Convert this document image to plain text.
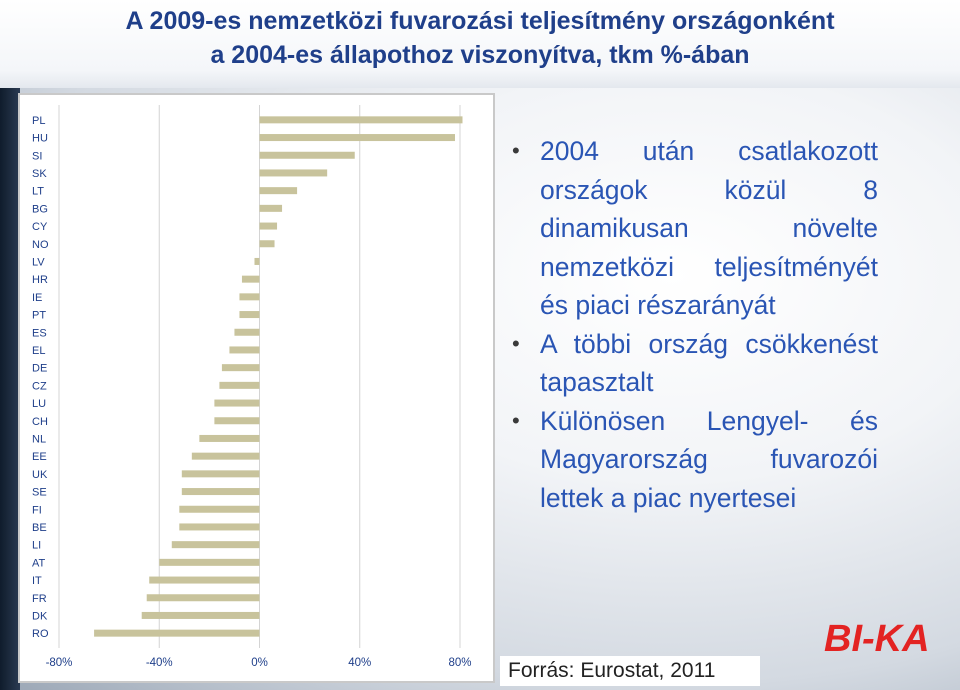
A 2009-es nemzetközi fuvarozási teljesítmény országonként
a 2004-es állapothoz viszonyítva, tkm %-ában
-80%	-40%	0%	40%	80%
PL
HU
SI
SK
LT
BG
CY
NO
LV
HR
IE
PT
ES
EL
DE
CZ
LU
CH
NL
EE
UK
SE
FI
BE
LI
AT
IT
FR
DK
RO
• 2004 után csatlakozott országok közül 8 dinamikusan növelte nemzetközi teljesítményét és piaci részarányát
• A többi ország csökkenést tapasztalt
• Különösen Lengyel- és Magyarország fuvarozói lettek a piac nyertesei
BI-KA
Forrás: Eurostat, 2011
